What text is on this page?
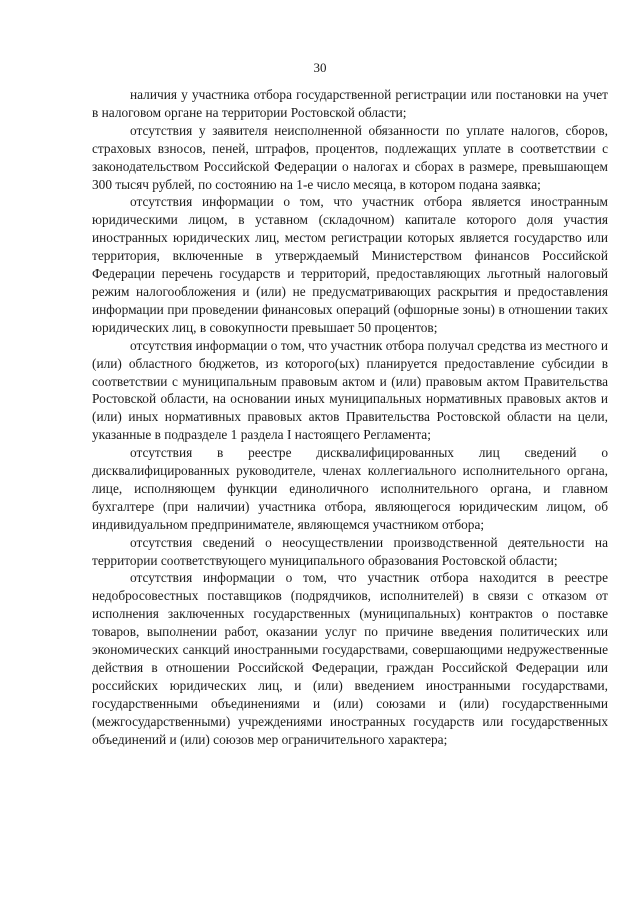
30

наличия у участника отбора государственной регистрации или постановки на учет в налоговом органе на территории Ростовской области;

отсутствия у заявителя неисполненной обязанности по уплате налогов, сборов, страховых взносов, пеней, штрафов, процентов, подлежащих уплате в соответствии с законодательством Российской Федерации о налогах и сборах в размере, превышающем 300 тысяч рублей, по состоянию на 1-е число месяца, в котором подана заявка;

отсутствия информации о том, что участник отбора является иностранным юридическими лицом, в уставном (складочном) капитале которого доля участия иностранных юридических лиц, местом регистрации которых является государство или территория, включенные в утверждаемый Министерством финансов Российской Федерации перечень государств и территорий, предоставляющих льготный налоговый режим налогообложения и (или) не предусматривающих раскрытия и предоставления информации при проведении финансовых операций (офшорные зоны) в отношении таких юридических лиц, в совокупности превышает 50 процентов;

отсутствия информации о том, что участник отбора получал средства из местного и (или) областного бюджетов, из которого(ых) планируется предоставление субсидии в соответствии с муниципальным правовым актом и (или) правовым актом Правительства Ростовской области, на основании иных муниципальных нормативных правовых актов и (или) иных нормативных правовых актов Правительства Ростовской области на цели, указанные в подразделе 1 раздела I настоящего Регламента;

отсутствия в реестре дисквалифицированных лиц сведений о дисквалифицированных руководителе, членах коллегиального исполнительного органа, лице, исполняющем функции единоличного исполнительного органа, и главном бухгалтере (при наличии) участника отбора, являющегося юридическим лицом, об индивидуальном предпринимателе, являющемся участником отбора;

отсутствия сведений о неосуществлении производственной деятельности на территории соответствующего муниципального образования Ростовской области;

отсутствия информации о том, что участник отбора находится в реестре недобросовестных поставщиков (подрядчиков, исполнителей) в связи с отказом от исполнения заключенных государственных (муниципальных) контрактов о поставке товаров, выполнении работ, оказании услуг по причине введения политических или экономических санкций иностранными государствами, совершающими недружественные действия в отношении Российской Федерации, граждан Российской Федерации или российских юридических лиц, и (или) введением иностранными государствами, государственными объединениями и (или) союзами и (или) государственными (межгосударственными) учреждениями иностранных государств или государственных объединений и (или) союзов мер ограничительного характера;
